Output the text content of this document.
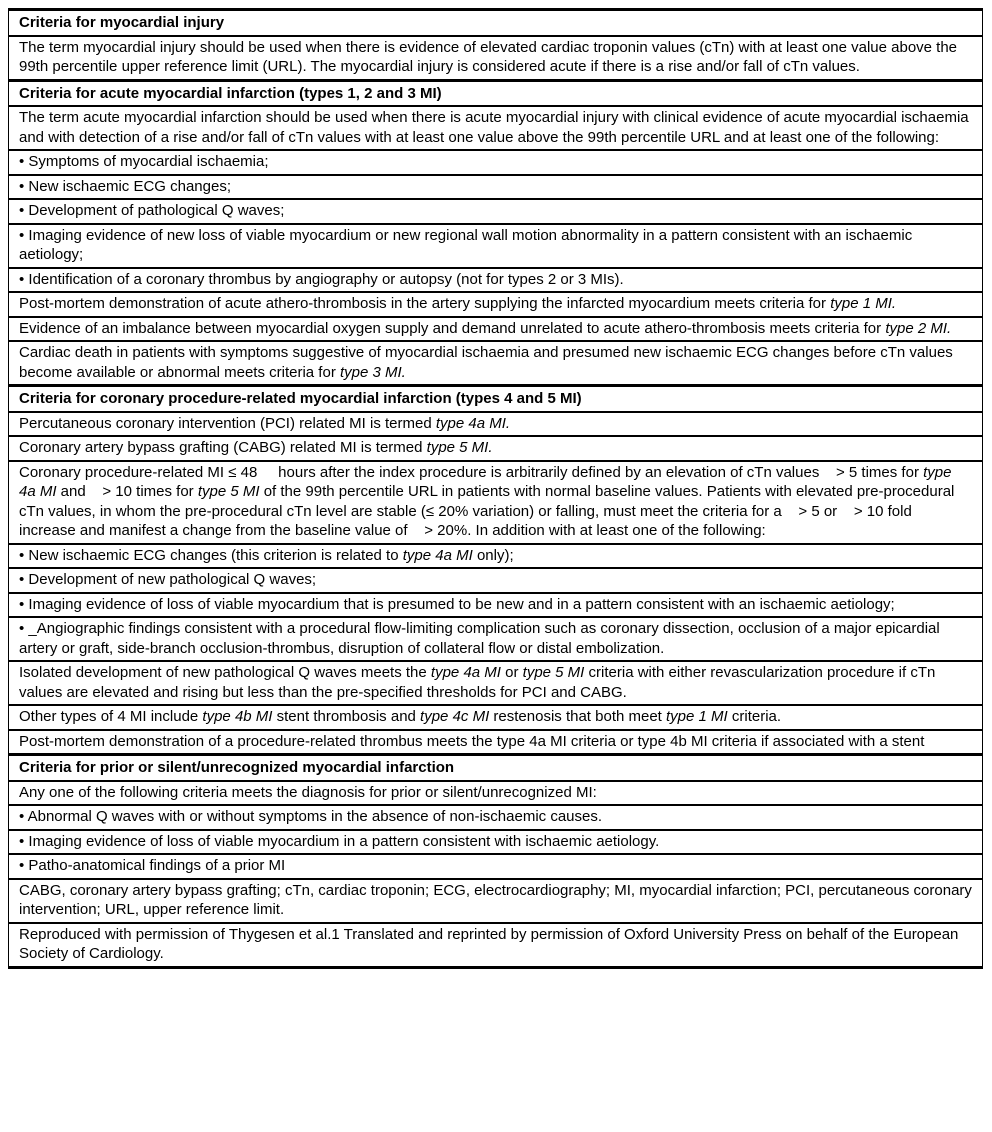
Criteria for myocardial injury
The term myocardial injury should be used when there is evidence of elevated cardiac troponin values (cTn) with at least one value above the 99th percentile upper reference limit (URL). The myocardial injury is considered acute if there is a rise and/or fall of cTn values.
Criteria for acute myocardial infarction (types 1, 2 and 3 MI)
The term acute myocardial infarction should be used when there is acute myocardial injury with clinical evidence of acute myocardial ischaemia and with detection of a rise and/or fall of cTn values with at least one value above the 99th percentile URL and at least one of the following:
• Symptoms of myocardial ischaemia;
• New ischaemic ECG changes;
• Development of pathological Q waves;
• Imaging evidence of new loss of viable myocardium or new regional wall motion abnormality in a pattern consistent with an ischaemic aetiology;
• Identification of a coronary thrombus by angiography or autopsy (not for types 2 or 3 MIs).
Post-mortem demonstration of acute athero-thrombosis in the artery supplying the infarcted myocardium meets criteria for type 1 MI.
Evidence of an imbalance between myocardial oxygen supply and demand unrelated to acute athero-thrombosis meets criteria for type 2 MI.
Cardiac death in patients with symptoms suggestive of myocardial ischaemia and presumed new ischaemic ECG changes before cTn values become available or abnormal meets criteria for type 3 MI.
Criteria for coronary procedure-related myocardial infarction (types 4 and 5 MI)
Percutaneous coronary intervention (PCI) related MI is termed type 4a MI.
Coronary artery bypass grafting (CABG) related MI is termed type 5 MI.
Coronary procedure-related MI ≤ 48     hours after the index procedure is arbitrarily defined by an elevation of cTn values    > 5 times for type 4a MI and    > 10 times for type 5 MI of the 99th percentile URL in patients with normal baseline values. Patients with elevated pre-procedural cTn values, in whom the pre-procedural cTn level are stable (≤ 20% variation) or falling, must meet the criteria for a    > 5 or    > 10 fold increase and manifest a change from the baseline value of    > 20%. In addition with at least one of the following:
• New ischaemic ECG changes (this criterion is related to type 4a MI only);
• Development of new pathological Q waves;
• Imaging evidence of loss of viable myocardium that is presumed to be new and in a pattern consistent with an ischaemic aetiology;
• _Angiographic findings consistent with a procedural flow-limiting complication such as coronary dissection, occlusion of a major epicardial artery or graft, side-branch occlusion-thrombus, disruption of collateral flow or distal embolization.
Isolated development of new pathological Q waves meets the type 4a MI or type 5 MI criteria with either revascularization procedure if cTn values are elevated and rising but less than the pre-specified thresholds for PCI and CABG.
Other types of 4 MI include type 4b MI stent thrombosis and type 4c MI restenosis that both meet type 1 MI criteria.
Post-mortem demonstration of a procedure-related thrombus meets the type 4a MI criteria or type 4b MI criteria if associated with a stent
Criteria for prior or silent/unrecognized myocardial infarction
Any one of the following criteria meets the diagnosis for prior or silent/unrecognized MI:
• Abnormal Q waves with or without symptoms in the absence of non-ischaemic causes.
• Imaging evidence of loss of viable myocardium in a pattern consistent with ischaemic aetiology.
• Patho-anatomical findings of a prior MI
CABG, coronary artery bypass grafting; cTn, cardiac troponin; ECG, electrocardiography; MI, myocardial infarction; PCI, percutaneous coronary intervention; URL, upper reference limit.
Reproduced with permission of Thygesen et al.1 Translated and reprinted by permission of Oxford University Press on behalf of the European Society of Cardiology.
